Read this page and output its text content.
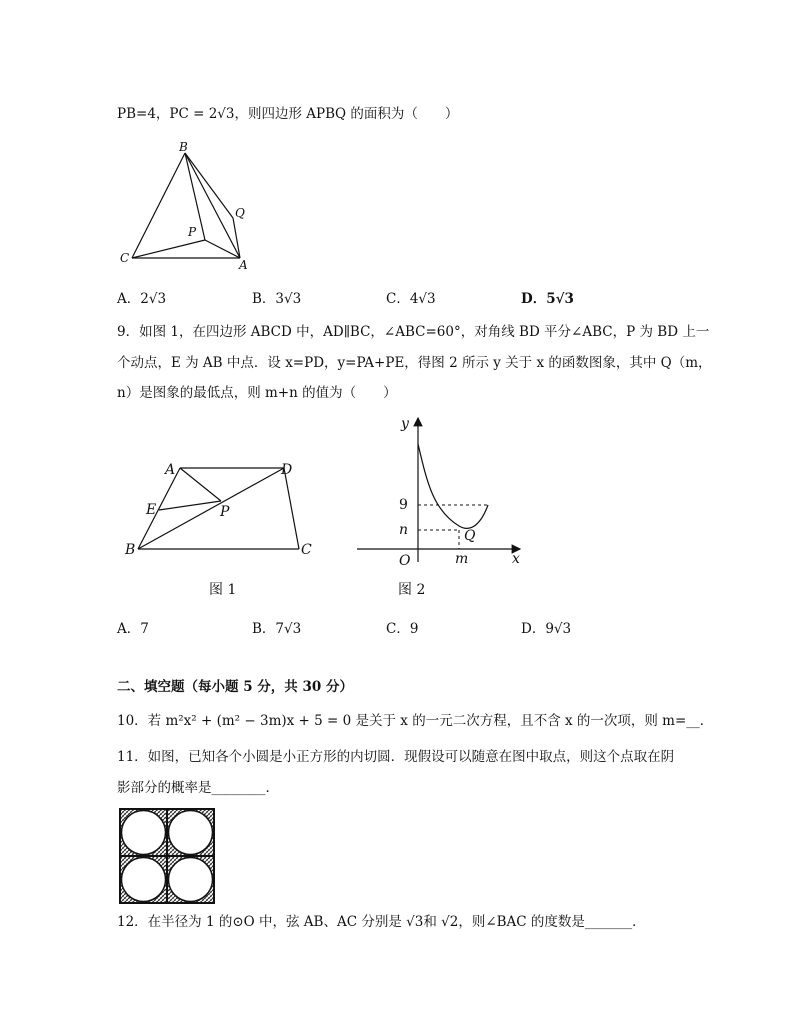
PB=4，PC = 2√3，则四边形 APBQ 的面积为（　　）
B
Q
P
C	A
A．2√3	B．3√3	C．4√3	D．5√3
9．如图 1，在四边形 ABCD 中，AD∥BC，∠ABC=60°，对角线 BD 平分∠ABC，P 为 BD 上一
个动点，E 为 AB 中点．设 x=PD，y=PA+PE，得图 2 所示 y 关于 x 的函数图象，其中 Q（m，
n）是图象的最低点，则 m+n 的值为（　　）
A	D
E	P
B	C
图 1
y
n
O	m
Q
x
9
图 2
A．7	B．7√3	C．9	D．9√3
二、填空题（每小题 5 分，共 30 分）
10．若 m²x² + (m² − 3m)x + 5 = 0 是关于 x 的一元二次方程，且不含 x 的一次项，则 m=__．
11．如图，已知各个小圆是小正方形的内切圆．现假设可以随意在图中取点，则这个点取在阴
影部分的概率是________．
12．在半径为 1 的⊙O 中，弦 AB、AC 分别是 √3和 √2，则∠BAC 的度数是_______．
